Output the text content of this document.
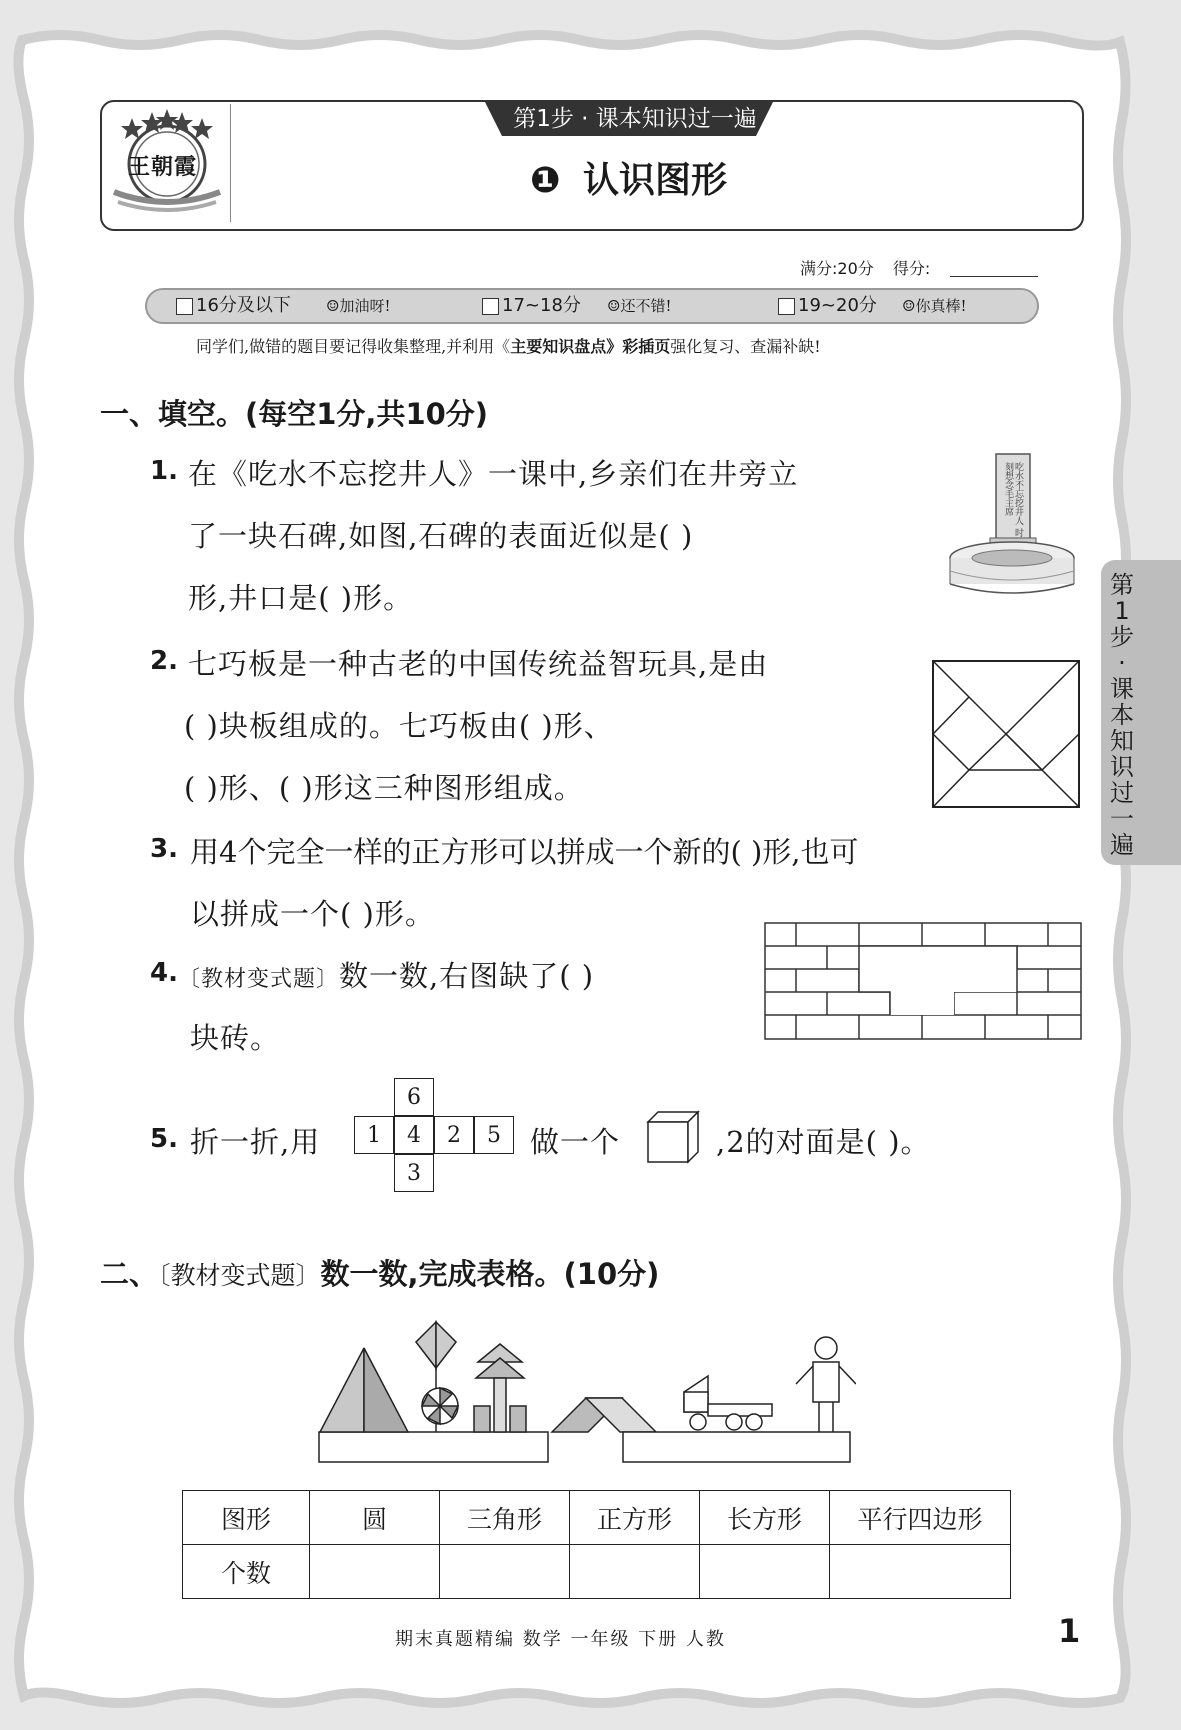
王朝霞
第1步 · 课本知识过一遍
❶ 认识图形
满分:20分 得分:
16分及以下 ☺加油呀!	17~18分 ☺还不错!	19~20分 ☺你真棒!
同学们,做错的题目要记得收集整理,并利用《主要知识盘点》彩插页强化复习、查漏补缺!
一、填空。(每空1分,共10分)
1. 在《吃水不忘挖井人》一课中,乡亲们在井旁立
了一块石碑,如图,石碑的表面近似是( )
形,井口是( )形。
吃水不忘挖井人 时刻想念毛主席
2. 七巧板是一种古老的中国传统益智玩具,是由
( )块板组成的。七巧板由( )形、
( )形、( )形这三种图形组成。
3. 用4个完全一样的正方形可以拼成一个新的( )形,也可
以拼成一个( )形。
4. 〔教材变式题〕数一数,右图缺了( )
块砖。
5. 折一折,用
6
1	4	2	5
3
做一个	,2的对面是( )。
二、〔教材变式题〕数一数,完成表格。(10分)
图形	圆	三角形	正方形	长方形	平行四边形
个数					
第1步·课本知识过一遍
期末真题精编 数学 一年级 下册 人教	1
